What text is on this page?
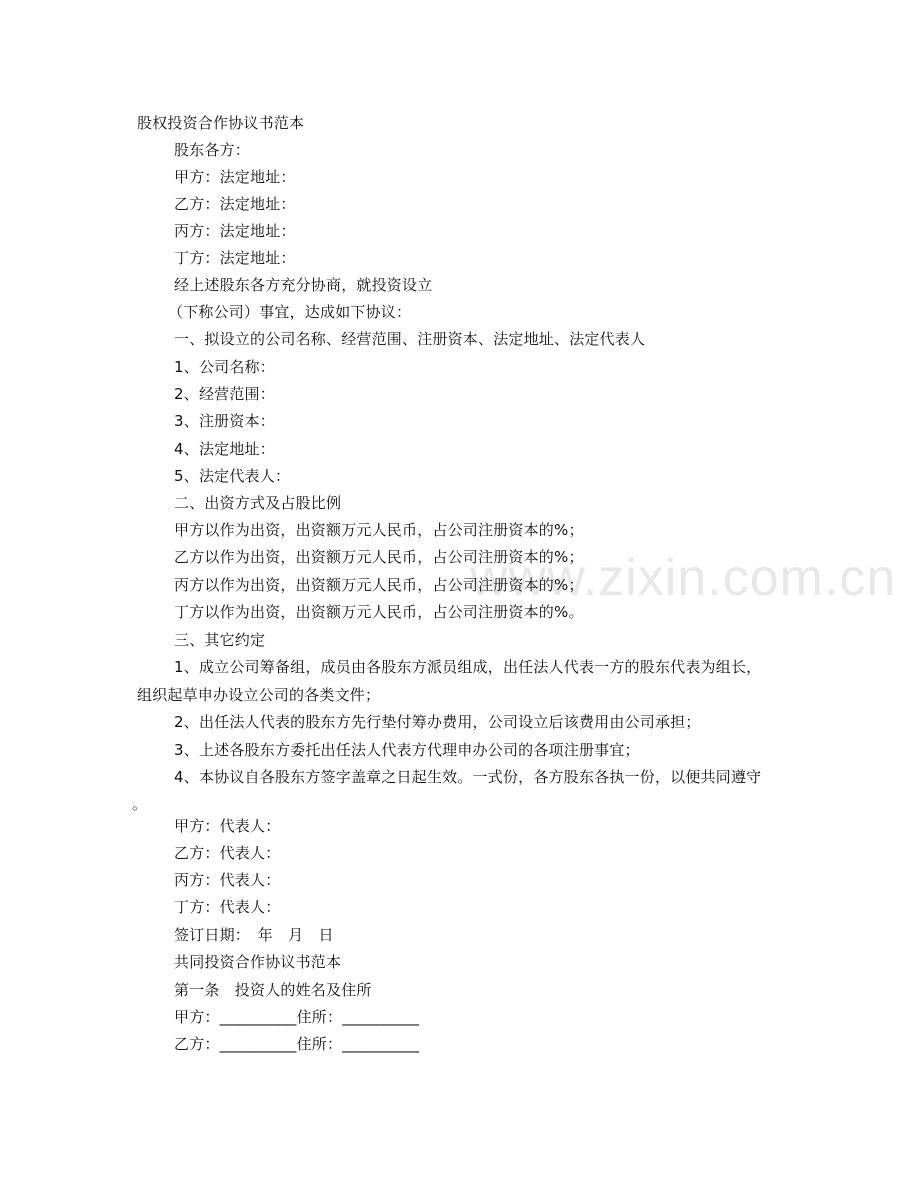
www.zixin.com.cn
股权投资合作协议书范本
股东各方：
甲方：法定地址：
乙方：法定地址：
丙方：法定地址：
丁方：法定地址：
经上述股东各方充分协商，就投资设立
（下称公司）事宜，达成如下协议：
一、拟设立的公司名称、经营范围、注册资本、法定地址、法定代表人
1、公司名称：
2、经营范围：
3、注册资本：
4、法定地址：
5、法定代表人：
二、出资方式及占股比例
甲方以作为出资，出资额万元人民币，占公司注册资本的%；
乙方以作为出资，出资额万元人民币，占公司注册资本的%；
丙方以作为出资，出资额万元人民币，占公司注册资本的%；
丁方以作为出资，出资额万元人民币，占公司注册资本的%。
三、其它约定
1、成立公司筹备组，成员由各股东方派员组成，出任法人代表一方的股东代表为组长，
组织起草申办设立公司的各类文件；
2、出任法人代表的股东方先行垫付筹办费用，公司设立后该费用由公司承担；
3、上述各股东方委托出任法人代表方代理申办公司的各项注册事宜；
4、本协议自各股东方签字盖章之日起生效。一式份，各方股东各执一份，以便共同遵守
。
甲方：代表人：
乙方：代表人：
丙方：代表人：
丁方：代表人：
签订日期：　年　月　日
共同投资合作协议书范本
第一条　投资人的姓名及住所
甲方：__________住所：__________
乙方：__________住所：__________
